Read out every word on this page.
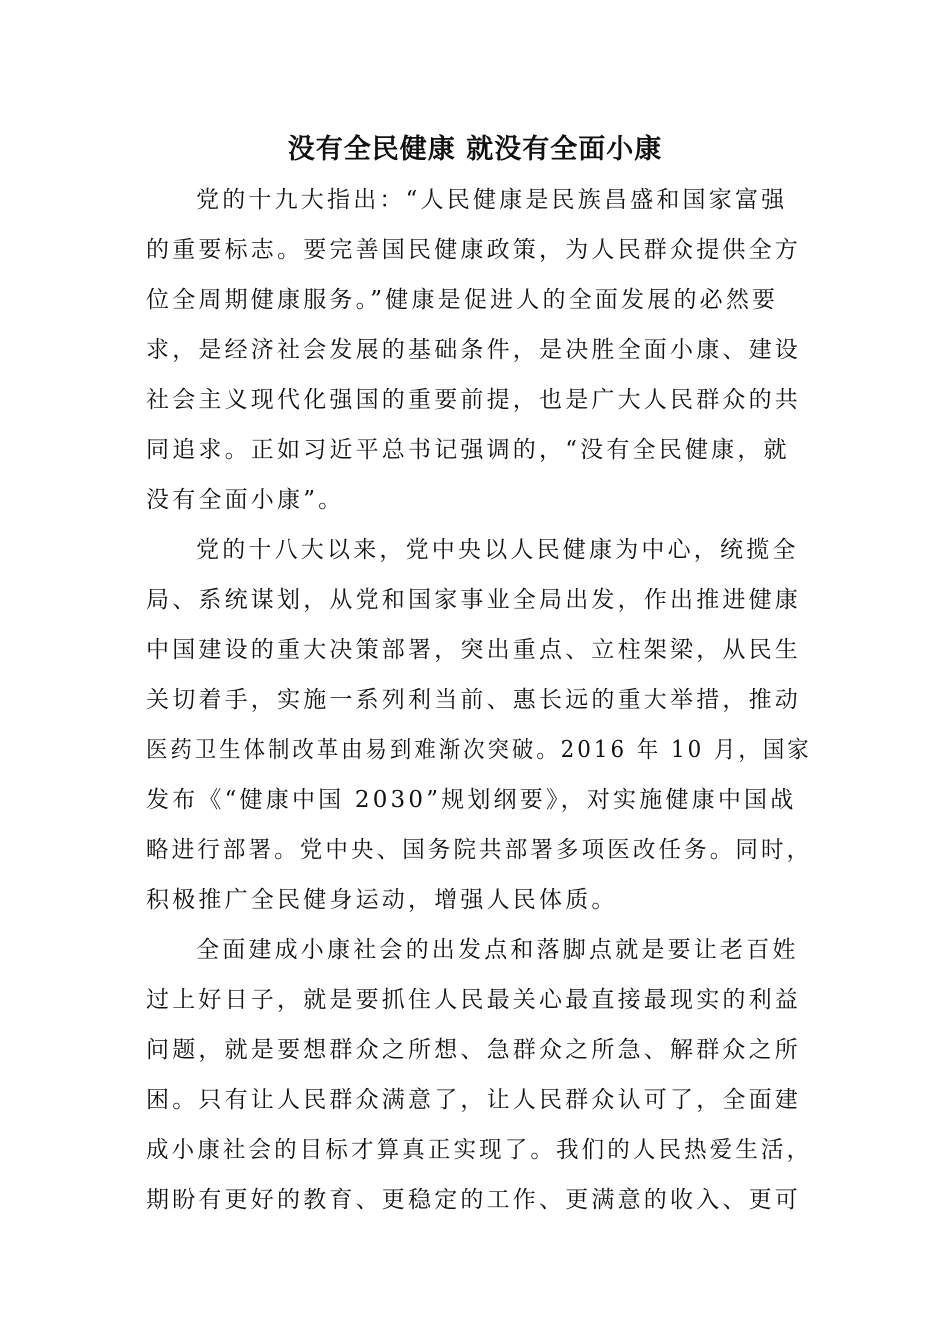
没有全民健康 就没有全面小康
党的十九大指出：“人民健康是民族昌盛和国家富强
的重要标志。要完善国民健康政策，为人民群众提供全方
位全周期健康服务。”健康是促进人的全面发展的必然要
求，是经济社会发展的基础条件，是决胜全面小康、建设
社会主义现代化强国的重要前提，也是广大人民群众的共
同追求。正如习近平总书记强调的，“没有全民健康，就
没有全面小康”。
党的十八大以来，党中央以人民健康为中心，统揽全
局、系统谋划，从党和国家事业全局出发，作出推进健康
中国建设的重大决策部署，突出重点、立柱架梁，从民生
关切着手，实施一系列利当前、惠长远的重大举措，推动
医药卫生体制改革由易到难渐次突破。2016 年 10 月，国家
发布《“健康中国 2030”规划纲要》，对实施健康中国战
略进行部署。党中央、国务院共部署多项医改任务。同时，
积极推广全民健身运动，增强人民体质。
全面建成小康社会的出发点和落脚点就是要让老百姓
过上好日子，就是要抓住人民最关心最直接最现实的利益
问题，就是要想群众之所想、急群众之所急、解群众之所
困。只有让人民群众满意了，让人民群众认可了，全面建
成小康社会的目标才算真正实现了。我们的人民热爱生活，
期盼有更好的教育、更稳定的工作、更满意的收入、更可
